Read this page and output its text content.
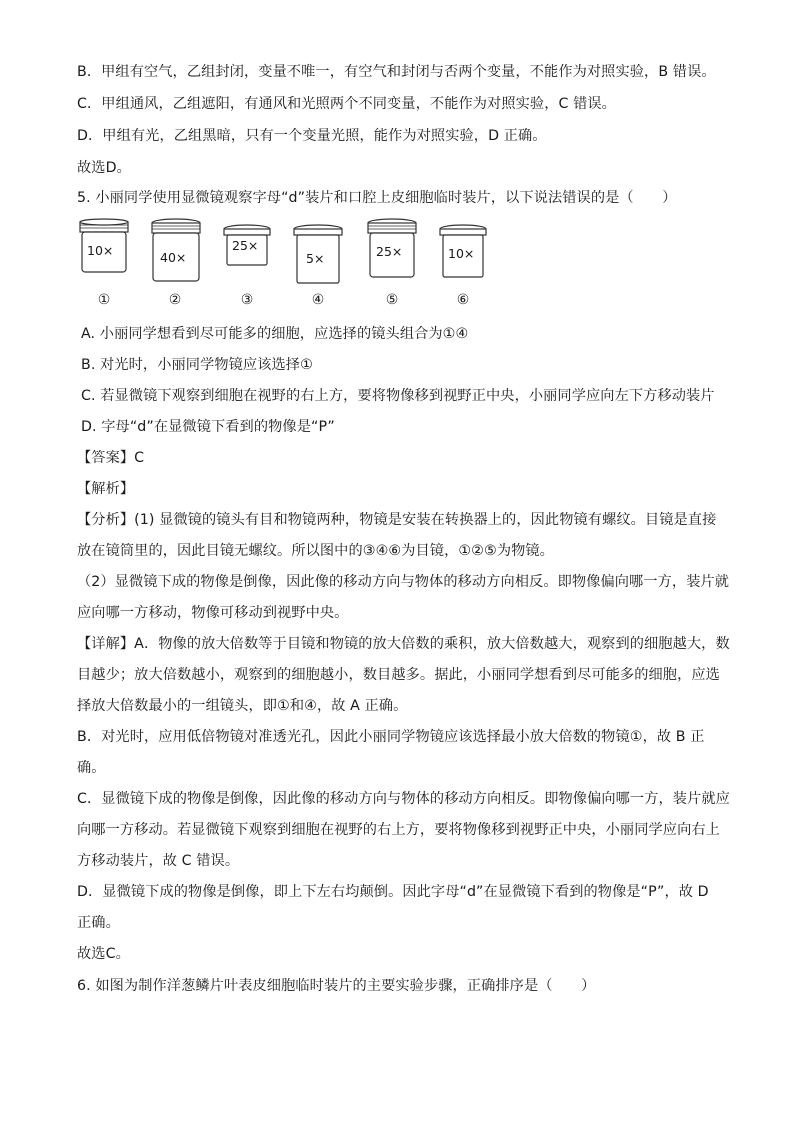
B．甲组有空气，乙组封闭，变量不唯一，有空气和封闭与否两个变量，不能作为对照实验，B 错误。
C．甲组通风，乙组遮阳，有通风和光照两个不同变量，不能作为对照实验，C 错误。
D．甲组有光，乙组黑暗，只有一个变量光照，能作为对照实验，D 正确。
故选D。
5. 小丽同学使用显微镜观察字母“d”装片和口腔上皮细胞临时装片，以下说法错误的是（　　）
10×	40×
25×
5×	25×	10×
①	②	③	④	⑤	⑥
A. 小丽同学想看到尽可能多的细胞，应选择的镜头组合为①④
B. 对光时，小丽同学物镜应该选择①
C. 若显微镜下观察到细胞在视野的右上方，要将物像移到视野正中央，小丽同学应向左下方移动装片
D. 字母“d”在显微镜下看到的物像是“P”
【答案】C
【解析】
【分析】(1) 显微镜的镜头有目和物镜两种，物镜是安装在转换器上的，因此物镜有螺纹。目镜是直接
放在镜筒里的，因此目镜无螺纹。所以图中的③④⑥为目镜，①②⑤为物镜。
（2）显微镜下成的物像是倒像，因此像的移动方向与物体的移动方向相反。即物像偏向哪一方，装片就
应向哪一方移动，物像可移动到视野中央。
【详解】A．物像的放大倍数等于目镜和物镜的放大倍数的乘积，放大倍数越大，观察到的细胞越大，数
目越少；放大倍数越小，观察到的细胞越小，数目越多。据此，小丽同学想看到尽可能多的细胞，应选
择放大倍数最小的一组镜头，即①和④，故 A 正确。
B．对光时，应用低倍物镜对准透光孔，因此小丽同学物镜应该选择最小放大倍数的物镜①，故 B 正
确。
C．显微镜下成的物像是倒像，因此像的移动方向与物体的移动方向相反。即物像偏向哪一方，装片就应
向哪一方移动。若显微镜下观察到细胞在视野的右上方，要将物像移到视野正中央，小丽同学应向右上
方移动装片，故 C 错误。
D．显微镜下成的物像是倒像，即上下左右均颠倒。因此字母“d”在显微镜下看到的物像是“P”，故 D
正确。
故选C。
6. 如图为制作洋葱鳞片叶表皮细胞临时装片的主要实验步骤，正确排序是（　　）
